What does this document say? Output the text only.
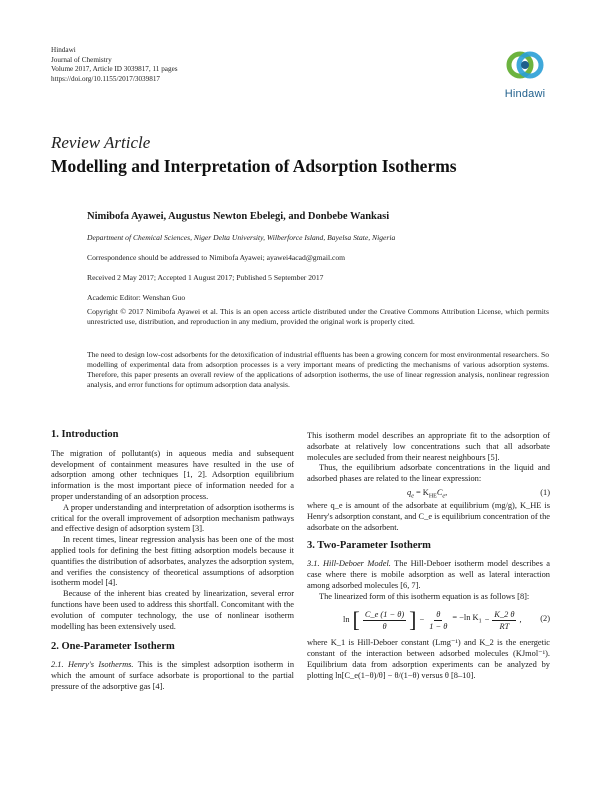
Hindawi
Journal of Chemistry
Volume 2017, Article ID 3039817, 11 pages
https://doi.org/10.1155/2017/3039817
Hindawi
Review Article
Modelling and Interpretation of Adsorption Isotherms
Nimibofa Ayawei, Augustus Newton Ebelegi, and Donbebe Wankasi
Department of Chemical Sciences, Niger Delta University, Wilberforce Island, Bayelsa State, Nigeria
Correspondence should be addressed to Nimibofa Ayawei; ayawei4acad@gmail.com
Received 2 May 2017; Accepted 1 August 2017; Published 5 September 2017
Academic Editor: Wenshan Guo
Copyright © 2017 Nimibofa Ayawei et al. This is an open access article distributed under the Creative Commons Attribution License, which permits unrestricted use, distribution, and reproduction in any medium, provided the original work is properly cited.
The need to design low-cost adsorbents for the detoxification of industrial effluents has been a growing concern for most environmental researchers. So modelling of experimental data from adsorption processes is a very important means of predicting the mechanisms of various adsorption systems. Therefore, this paper presents an overall review of the applications of adsorption isotherms, the use of linear regression analysis, nonlinear regression analysis, and error functions for optimum adsorption data analysis.

1. Introduction

The migration of pollutant(s) in aqueous media and subsequent development of containment measures have resulted in the use of adsorption among other techniques [1, 2]. Adsorption equilibrium information is the most important piece of information needed for a proper understanding of an adsorption process.

A proper understanding and interpretation of adsorption isotherms is critical for the overall improvement of adsorption mechanism pathways and effective design of adsorption system [3].

In recent times, linear regression analysis has been one of the most applied tools for defining the best fitting adsorption models because it quantifies the distribution of adsorbates, analyzes the adsorption system, and verifies the consistency of theoretical assumptions of adsorption isotherm model [4].

Because of the inherent bias created by linearization, several error functions have been used to address this shortfall. Concomitant with the evolution of computer technology, the use of nonlinear isotherm modelling has been extensively used.

2. One-Parameter Isotherm

2.1. Henry's Isotherms. This is the simplest adsorption isotherm in which the amount of surface adsorbate is proportional to the partial pressure of the adsorptive gas [4].

This isotherm model describes an appropriate fit to the adsorption of adsorbate at relatively low concentrations such that all adsorbate molecules are secluded from their nearest neighbours [5].

Thus, the equilibrium adsorbate concentrations in the liquid and adsorbed phases are related to the linear expression:

$q_e = K_{HE}C_e$,	(1)

where q_e is amount of the adsorbate at equilibrium (mg/g), K_HE is Henry's adsorption constant, and C_e is equilibrium concentration of the adsorbate on the adsorbent.

3. Two-Parameter Isotherm

3.1. Hill-Deboer Model. The Hill-Deboer isotherm model describes a case where there is mobile adsorption as well as lateral interaction among adsorbed molecules [6, 7].

The linearized form of this isotherm equation is as follows [8]:

ln [ $\frac{C\_e (1 - \theta)}{\theta}$ ] − $\frac{\theta}{1 - \theta} = -\ln$ $K_1 - \frac{K\_2 \theta}{RT}$ , (2)

where K_1 is Hill-Deboer constant (Lmg⁻¹) and K_2 is the energetic constant of the interaction between adsorbed molecules (KJmol⁻¹). Equilibrium data from adsorption experiments can be analyzed by plotting ln[C_e(1−θ)/θ] − θ/(1−θ) versus θ [8–10].
